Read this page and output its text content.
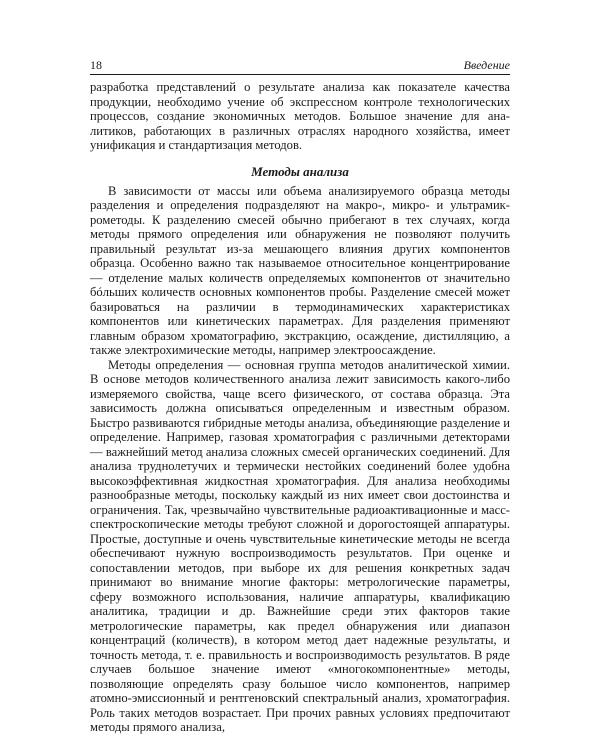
18	Введение

разработка представлений о результате анализа как показателе качества продукции, необходимо учение об экспрессном контроле технологических процессов, создание экономичных методов. Большое значение для аналитиков, работающих в различных отраслях народного хозяйства, имеет унификация и стандартизация методов.

Методы анализа

В зависимости от массы или объема анализируемого образца методы разделения и определения подразделяют на макро-, микро- и ультрамикрометоды. К разделению смесей обычно прибегают в тех случаях, когда методы прямого определения или обнаружения не позволяют получить правильный результат из-за мешающего влияния других компонентов образца. Особенно важно так называемое относительное концентрирование — отделение малых количеств определяемых компонентов от значительно бóльших количеств основных компонентов пробы. Разделение смесей может базироваться на различии в термодинамических характеристиках компонентов или кинетических параметрах. Для разделения применяют главным образом хроматографию, экстракцию, осаждение, дистилляцию, а также электрохимические методы, например электроосаждение.

Методы определения — основная группа методов аналитической химии. В основе методов количественного анализа лежит зависимость какого-либо измеряемого свойства, чаще всего физического, от состава образца. Эта зависимость должна описываться определенным и известным образом. Быстро развиваются гибридные методы анализа, объединяющие разделение и определение. Например, газовая хроматография с различными детекторами — важнейший метод анализа сложных смесей органических соединений. Для анализа труднолетучих и термически нестойких соединений более удобна высокоэффективная жидкостная хроматография. Для анализа необходимы разнообразные методы, поскольку каждый из них имеет свои достоинства и ограничения. Так, чрезвычайно чувствительные радиоактивационные и масс-спектроскопические методы требуют сложной и дорогостоящей аппаратуры. Простые, доступные и очень чувствительные кинетические методы не всегда обеспечивают нужную воспроизводимость результатов. При оценке и сопоставлении методов, при выборе их для решения конкретных задач принимают во внимание многие факторы: метрологические параметры, сферу возможного использования, наличие аппаратуры, квалификацию аналитика, традиции и др. Важнейшие среди этих факторов такие метрологические параметры, как предел обнаружения или диапазон концентраций (количеств), в котором метод дает надежные результаты, и точность метода, т. е. правильность и воспроизводимость результатов. В ряде случаев большое значение имеют «многокомпонентные» методы, позволяющие определять сразу большое число компонентов, например атомно-эмиссионный и рентгеновский спектральный анализ, хроматография. Роль таких методов возрастает. При прочих равных условиях предпочитают методы прямого анализа,
